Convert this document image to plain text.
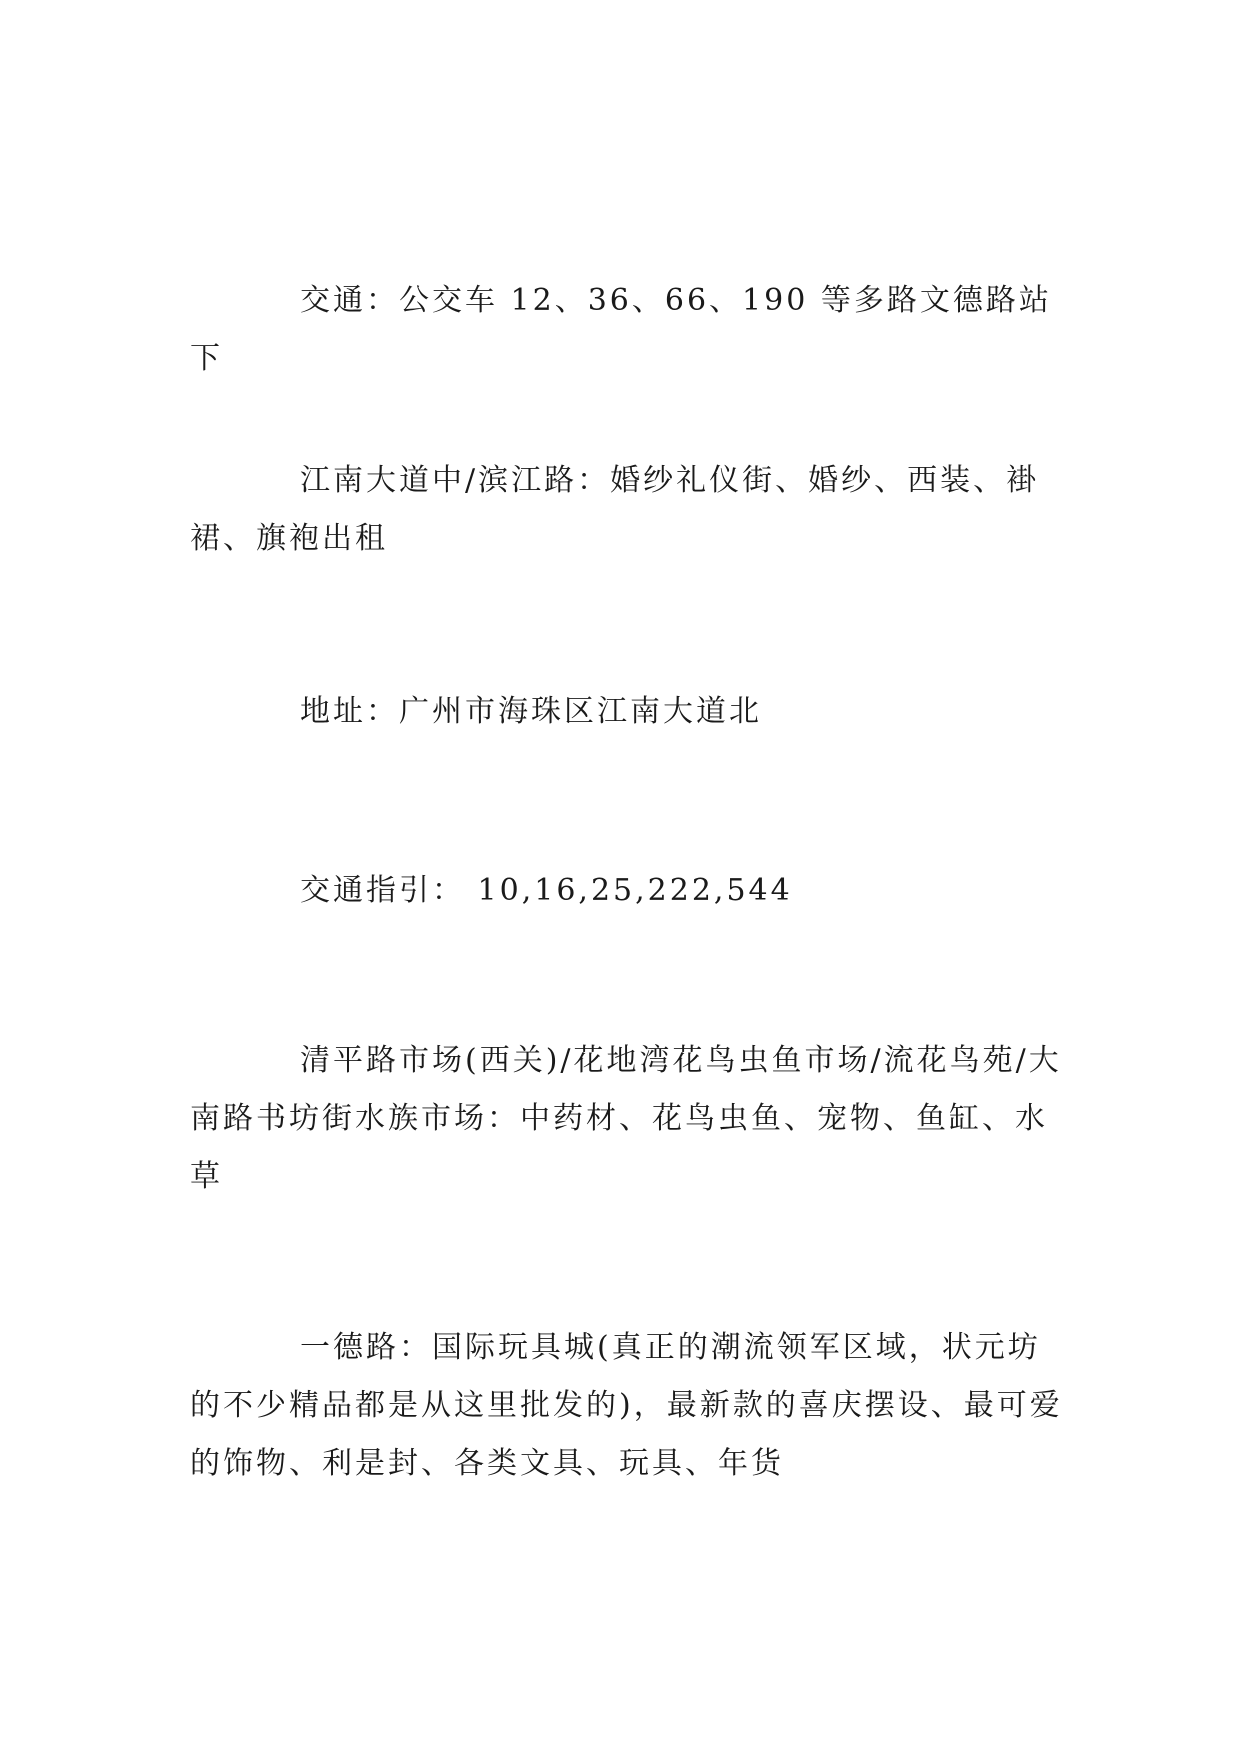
交通：公交车 12、36、66、190 等多路文德路站下

江南大道中/滨江路：婚纱礼仪街、婚纱、西装、褂裙、旗袍出租

地址：广州市海珠区江南大道北

交通指引： 10,16,25,222,544

清平路市场(西关)/花地湾花鸟虫鱼市场/流花鸟苑/大南路书坊街水族市场：中药材、花鸟虫鱼、宠物、鱼缸、水草

一德路：国际玩具城(真正的潮流领军区域，状元坊的不少精品都是从这里批发的)，最新款的喜庆摆设、最可爱的饰物、利是封、各类文具、玩具、年货
